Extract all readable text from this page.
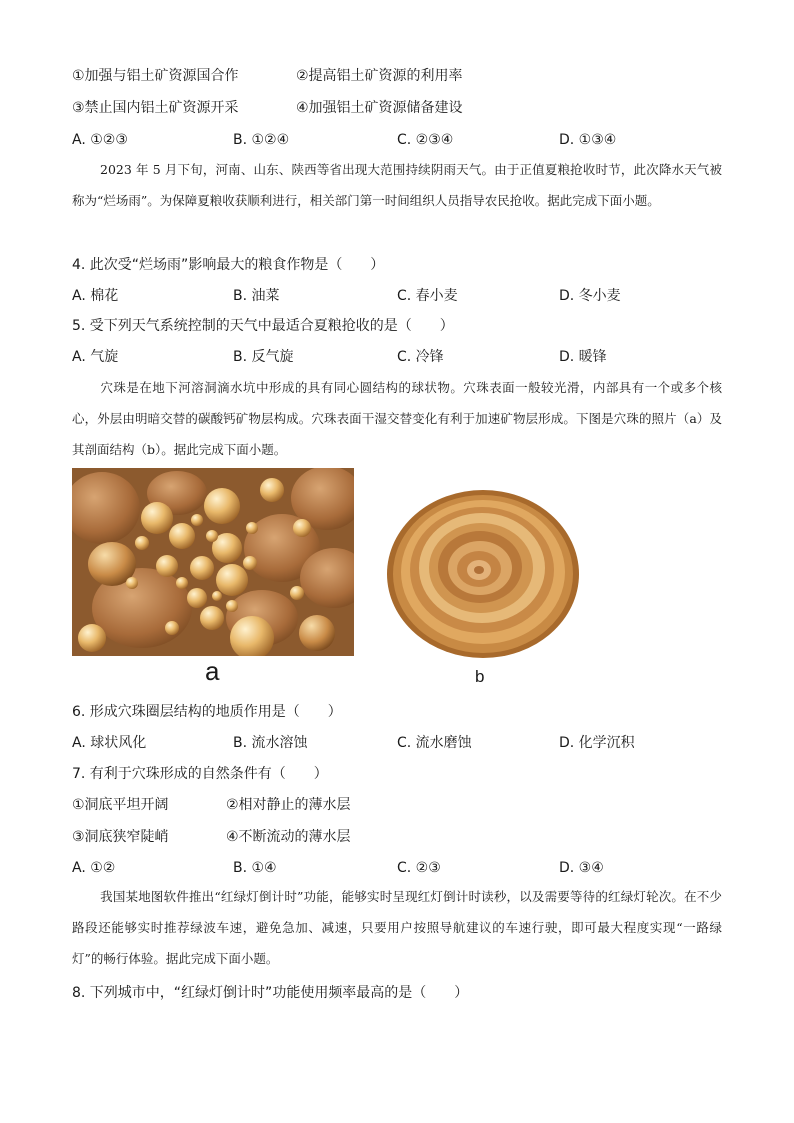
①加强与铝土矿资源国合作	②提高铝土矿资源的利用率
③禁止国内铝土矿资源开采	④加强铝土矿资源储备建设
A. ①②③	B. ①②④	C. ②③④	D. ①③④
2023 年 5 月下旬，河南、山东、陕西等省出现大范围持续阴雨天气。由于正值夏粮抢收时节，此次降水天气被称为“烂场雨”。为保障夏粮收获顺利进行，相关部门第一时间组织人员指导农民抢收。据此完成下面小题。
4. 此次受“烂场雨”影响最大的粮食作物是（　　）
A. 棉花	B. 油菜	C. 春小麦	D. 冬小麦
5. 受下列天气系统控制的天气中最适合夏粮抢收的是（　　）
A. 气旋	B. 反气旋	C. 冷锋	D. 暖锋
穴珠是在地下河溶洞滴水坑中形成的具有同心圆结构的球状物。穴珠表面一般较光滑，内部具有一个或多个核心，外层由明暗交替的碳酸钙矿物层构成。穴珠表面干湿交替变化有利于加速矿物层形成。下图是穴珠的照片（a）及其剖面结构（b）。据此完成下面小题。
a	b
6. 形成穴珠圈层结构的地质作用是（　　）
A. 球状风化	B. 流水溶蚀	C. 流水磨蚀	D. 化学沉积
7. 有利于穴珠形成的自然条件有（　　）
①洞底平坦开阔	②相对静止的薄水层
③洞底狭窄陡峭	④不断流动的薄水层
A. ①②	B. ①④	C. ②③	D. ③④
我国某地图软件推出“红绿灯倒计时”功能，能够实时呈现红灯倒计时读秒，以及需要等待的红绿灯轮次。在不少路段还能够实时推荐绿波车速，避免急加、减速，只要用户按照导航建议的车速行驶，即可最大程度实现“一路绿灯”的畅行体验。据此完成下面小题。
8. 下列城市中，“红绿灯倒计时”功能使用频率最高的是（　　）
